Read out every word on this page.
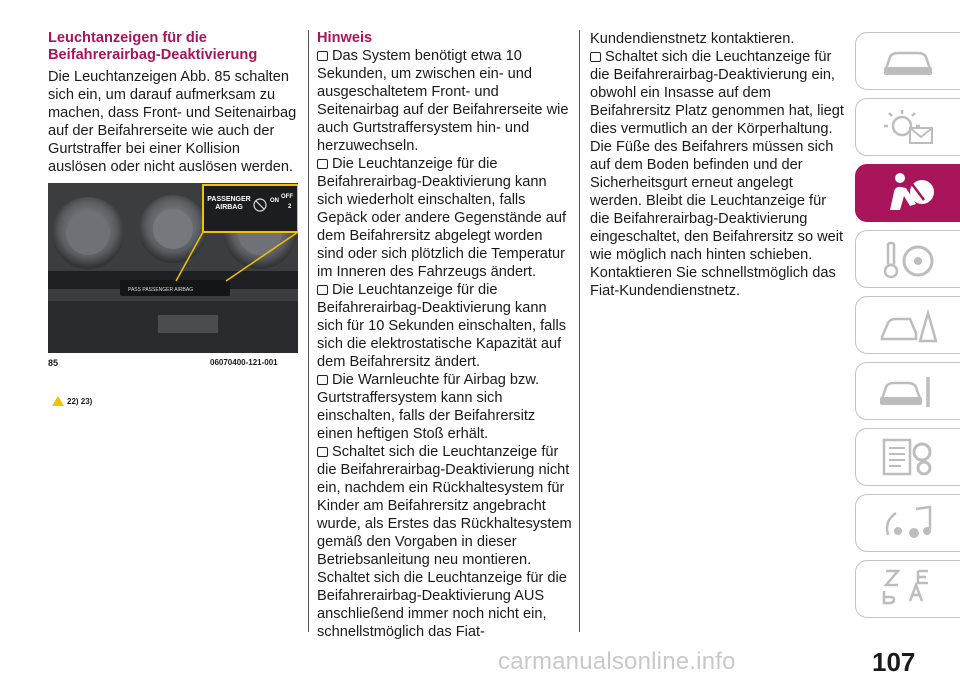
Leuchtanzeigen für die Beifahrerairbag-Deaktivierung
Die Leuchtanzeigen Abb. 85 schalten sich ein, um darauf aufmerksam zu machen, dass Front- und Seitenairbag auf der Beifahrerseite wie auch der Gurtstraffer bei einer Kollision auslösen oder nicht auslösen werden.
PASS PASSENGER AIRBAG
PASSENGER
AIRBAG
ON
OFF
2
85	06070400-121-001
22) 23)
Hinweis
Das System benötigt etwa 10 Sekunden, um zwischen ein- und ausgeschaltetem Front- und Seitenairbag auf der Beifahrerseite wie auch Gurtstraffersystem hin- und herzuwechseln.
Die Leuchtanzeige für die Beifahrerairbag-Deaktivierung kann sich wiederholt einschalten, falls Gepäck oder andere Gegenstände auf dem Beifahrersitz abgelegt worden sind oder sich plötzlich die Temperatur im Inneren des Fahrzeugs ändert.
Die Leuchtanzeige für die Beifahrerairbag-Deaktivierung kann sich für 10 Sekunden einschalten, falls sich die elektrostatische Kapazität auf dem Beifahrersitz ändert.
Die Warnleuchte für Airbag bzw. Gurtstraffersystem kann sich einschalten, falls der Beifahrersitz einen heftigen Stoß erhält.
Schaltet sich die Leuchtanzeige für die Beifahrerairbag-Deaktivierung nicht ein, nachdem ein Rückhaltesystem für Kinder am Beifahrersitz angebracht wurde, als Erstes das Rückhaltesystem gemäß den Vorgaben in dieser Betriebsanleitung neu montieren. Schaltet sich die Leuchtanzeige für die Beifahrerairbag-Deaktivierung AUS anschließend immer noch nicht ein, schnellstmöglich das Fiat-
Kundendienstnetz kontaktieren.
Schaltet sich die Leuchtanzeige für die Beifahrerairbag-Deaktivierung ein, obwohl ein Insasse auf dem Beifahrersitz Platz genommen hat, liegt dies vermutlich an der Körperhaltung. Die Füße des Beifahrers müssen sich auf dem Boden befinden und der Sicherheitsgurt erneut angelegt werden. Bleibt die Leuchtanzeige für die Beifahrerairbag-Deaktivierung eingeschaltet, den Beifahrersitz so weit wie möglich nach hinten schieben. Kontaktieren Sie schnellstmöglich das Fiat-Kundendienstnetz.
carmanualsonline.info	107
